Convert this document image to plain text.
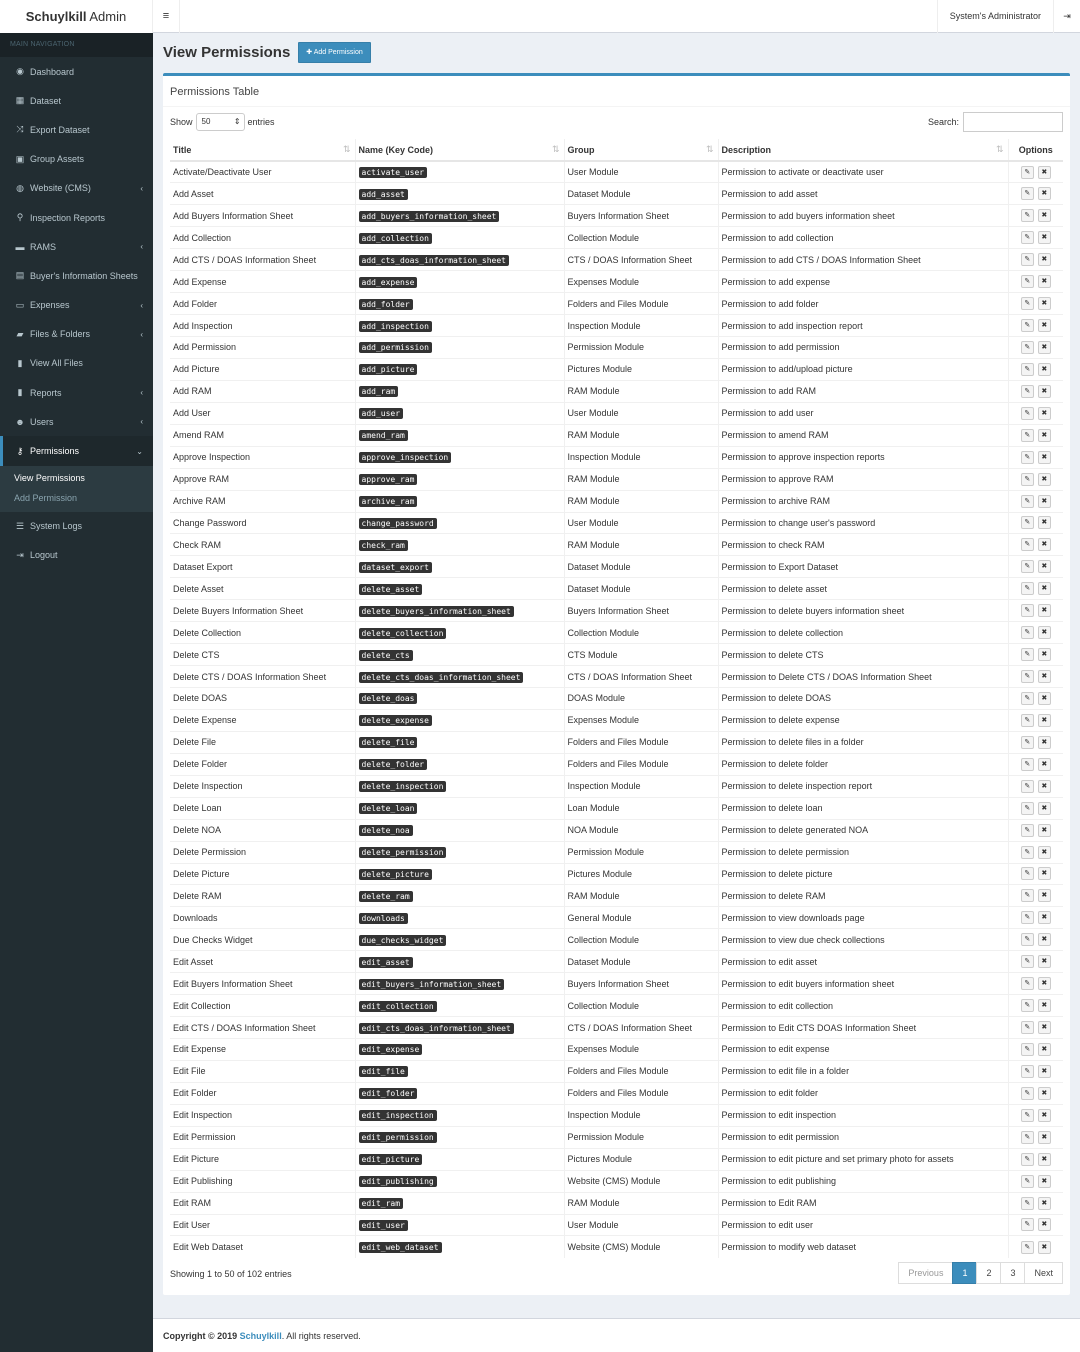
Schuylkill Admin
MAIN NAVIGATION
◉ Dashboard
▦ Dataset
⤨ Export Dataset
▣ Group Assets
◍ Website (CMS)	‹
⚲ Inspection Reports
▬ RAMS	‹
▤ Buyer's Information Sheets
▭ Expenses	‹
▰ Files & Folders	‹
▮ View All Files
▮ Reports	‹
☻ Users	‹
⚷ Permissions	⌄
View Permissions
Add Permission
☰ System Logs
⇥ Logout
≡	System's Administrator	⇥
View Permissions	✚ Add Permission
Permissions Table
Show	50 ⇕	entries	Search:
Title ⇅	Name (Key Code) ⇅	Group ⇅	Description ⇅	Options
Activate/Deactivate User	activate_user	User Module	Permission to activate or deactivate user	✎ ✖

Add Asset	add_asset	Dataset Module	Permission to add asset	✎ ✖

Add Buyers Information Sheet	add_buyers_information_sheet	Buyers Information Sheet	Permission to add buyers information sheet	✎ ✖

Add Collection	add_collection	Collection Module	Permission to add collection	✎ ✖

Add CTS / DOAS Information Sheet	add_cts_doas_information_sheet	CTS / DOAS Information Sheet	Permission to add CTS / DOAS Information Sheet	✎ ✖

Add Expense	add_expense	Expenses Module	Permission to add expense	✎ ✖

Add Folder	add_folder	Folders and Files Module	Permission to add folder	✎ ✖

Add Inspection	add_inspection	Inspection Module	Permission to add inspection report	✎ ✖

Add Permission	add_permission	Permission Module	Permission to add permission	✎ ✖

Add Picture	add_picture	Pictures Module	Permission to add/upload picture	✎ ✖

Add RAM	add_ram	RAM Module	Permission to add RAM	✎ ✖

Add User	add_user	User Module	Permission to add user	✎ ✖

Amend RAM	amend_ram	RAM Module	Permission to amend RAM	✎ ✖

Approve Inspection	approve_inspection	Inspection Module	Permission to approve inspection reports	✎ ✖

Approve RAM	approve_ram	RAM Module	Permission to approve RAM	✎ ✖

Archive RAM	archive_ram	RAM Module	Permission to archive RAM	✎ ✖

Change Password	change_password	User Module	Permission to change user's password	✎ ✖

Check RAM	check_ram	RAM Module	Permission to check RAM	✎ ✖

Dataset Export	dataset_export	Dataset Module	Permission to Export Dataset	✎ ✖

Delete Asset	delete_asset	Dataset Module	Permission to delete asset	✎ ✖

Delete Buyers Information Sheet	delete_buyers_information_sheet	Buyers Information Sheet	Permission to delete buyers information sheet	✎ ✖

Delete Collection	delete_collection	Collection Module	Permission to delete collection	✎ ✖

Delete CTS	delete_cts	CTS Module	Permission to delete CTS	✎ ✖

Delete CTS / DOAS Information Sheet	delete_cts_doas_information_sheet	CTS / DOAS Information Sheet	Permission to Delete CTS / DOAS Information Sheet	✎ ✖

Delete DOAS	delete_doas	DOAS Module	Permission to delete DOAS	✎ ✖

Delete Expense	delete_expense	Expenses Module	Permission to delete expense	✎ ✖

Delete File	delete_file	Folders and Files Module	Permission to delete files in a folder	✎ ✖

Delete Folder	delete_folder	Folders and Files Module	Permission to delete folder	✎ ✖

Delete Inspection	delete_inspection	Inspection Module	Permission to delete inspection report	✎ ✖

Delete Loan	delete_loan	Loan Module	Permission to delete loan	✎ ✖

Delete NOA	delete_noa	NOA Module	Permission to delete generated NOA	✎ ✖

Delete Permission	delete_permission	Permission Module	Permission to delete permission	✎ ✖

Delete Picture	delete_picture	Pictures Module	Permission to delete picture	✎ ✖

Delete RAM	delete_ram	RAM Module	Permission to delete RAM	✎ ✖

Downloads	downloads	General Module	Permission to view downloads page	✎ ✖

Due Checks Widget	due_checks_widget	Collection Module	Permission to view due check collections	✎ ✖

Edit Asset	edit_asset	Dataset Module	Permission to edit asset	✎ ✖

Edit Buyers Information Sheet	edit_buyers_information_sheet	Buyers Information Sheet	Permission to edit buyers information sheet	✎ ✖

Edit Collection	edit_collection	Collection Module	Permission to edit collection	✎ ✖

Edit CTS / DOAS Information Sheet	edit_cts_doas_information_sheet	CTS / DOAS Information Sheet	Permission to Edit CTS DOAS Information Sheet	✎ ✖

Edit Expense	edit_expense	Expenses Module	Permission to edit expense	✎ ✖

Edit File	edit_file	Folders and Files Module	Permission to edit file in a folder	✎ ✖

Edit Folder	edit_folder	Folders and Files Module	Permission to edit folder	✎ ✖

Edit Inspection	edit_inspection	Inspection Module	Permission to edit inspection	✎ ✖

Edit Permission	edit_permission	Permission Module	Permission to edit permission	✎ ✖

Edit Picture	edit_picture	Pictures Module	Permission to edit picture and set primary photo for assets	✎ ✖

Edit Publishing	edit_publishing	Website (CMS) Module	Permission to edit publishing	✎ ✖

Edit RAM	edit_ram	RAM Module	Permission to Edit RAM	✎ ✖

Edit User	edit_user	User Module	Permission to edit user	✎ ✖

Edit Web Dataset	edit_web_dataset	Website (CMS) Module	Permission to modify web dataset	✎ ✖
Showing 1 to 50 of 102 entries	Previous	1	2	3	Next
Copyright © 2019 Schuylkill. All rights reserved.
